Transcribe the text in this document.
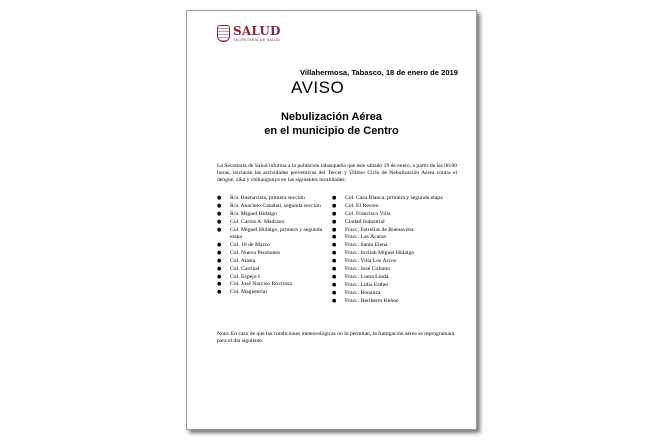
SALUD
SECRETARÍA DE SALUD
Villahermosa, Tabasco, 18 de enero de 2019
AVISO
Nebulización Aérea
en el municipio de Centro

La Secretaría de Salud informa a la población tabasqueña que este sábado 19 de enero, a partir de las 06:00 horas, iniciarán las actividades preventivas del Tercer y Último Ciclo de Nebulización Aérea contra el dengue, zika y chikungunya en las siguientes localidades:

● R/a. Buenavista, primera sección
● R/a. Anacleto Canabal, segunda sección
● R/a. Miguel Hidalgo
● Col. Carlos A. Madrazo
● Col. Miguel Hidalgo, primera y segunda etapa
● Col. 18 de Marzo
● Col. Nueva Pensiones
● Col. Atasta
● Col. Carrizal
● Col. Espejo I
● Col. José Narciso Rovirosa
● Col. Magisterial
● Col. Casa Blanca, primera y segunda etapa
● Col. El Recreo
● Col. Francisco Villa
● Ciudad Industrial
● Fracc. Estrellas de Buenavista
● Fracc. Las Ácaras
● Fracc. Santa Elena
● Fracc. Invitab Miguel Hidalgo
● Fracc. Villa Los Arcos
● Fracc. José Colomo
● Fracc. Loma Linda
● Fracc. Lidia Esther
● Fracc. Bonanza
● Fracc. Heriberto Kehoe

Nota: En caso de que las condiciones meteorológicas no lo permitan, la fumigación aérea se reprogramará para el día siguiente.
